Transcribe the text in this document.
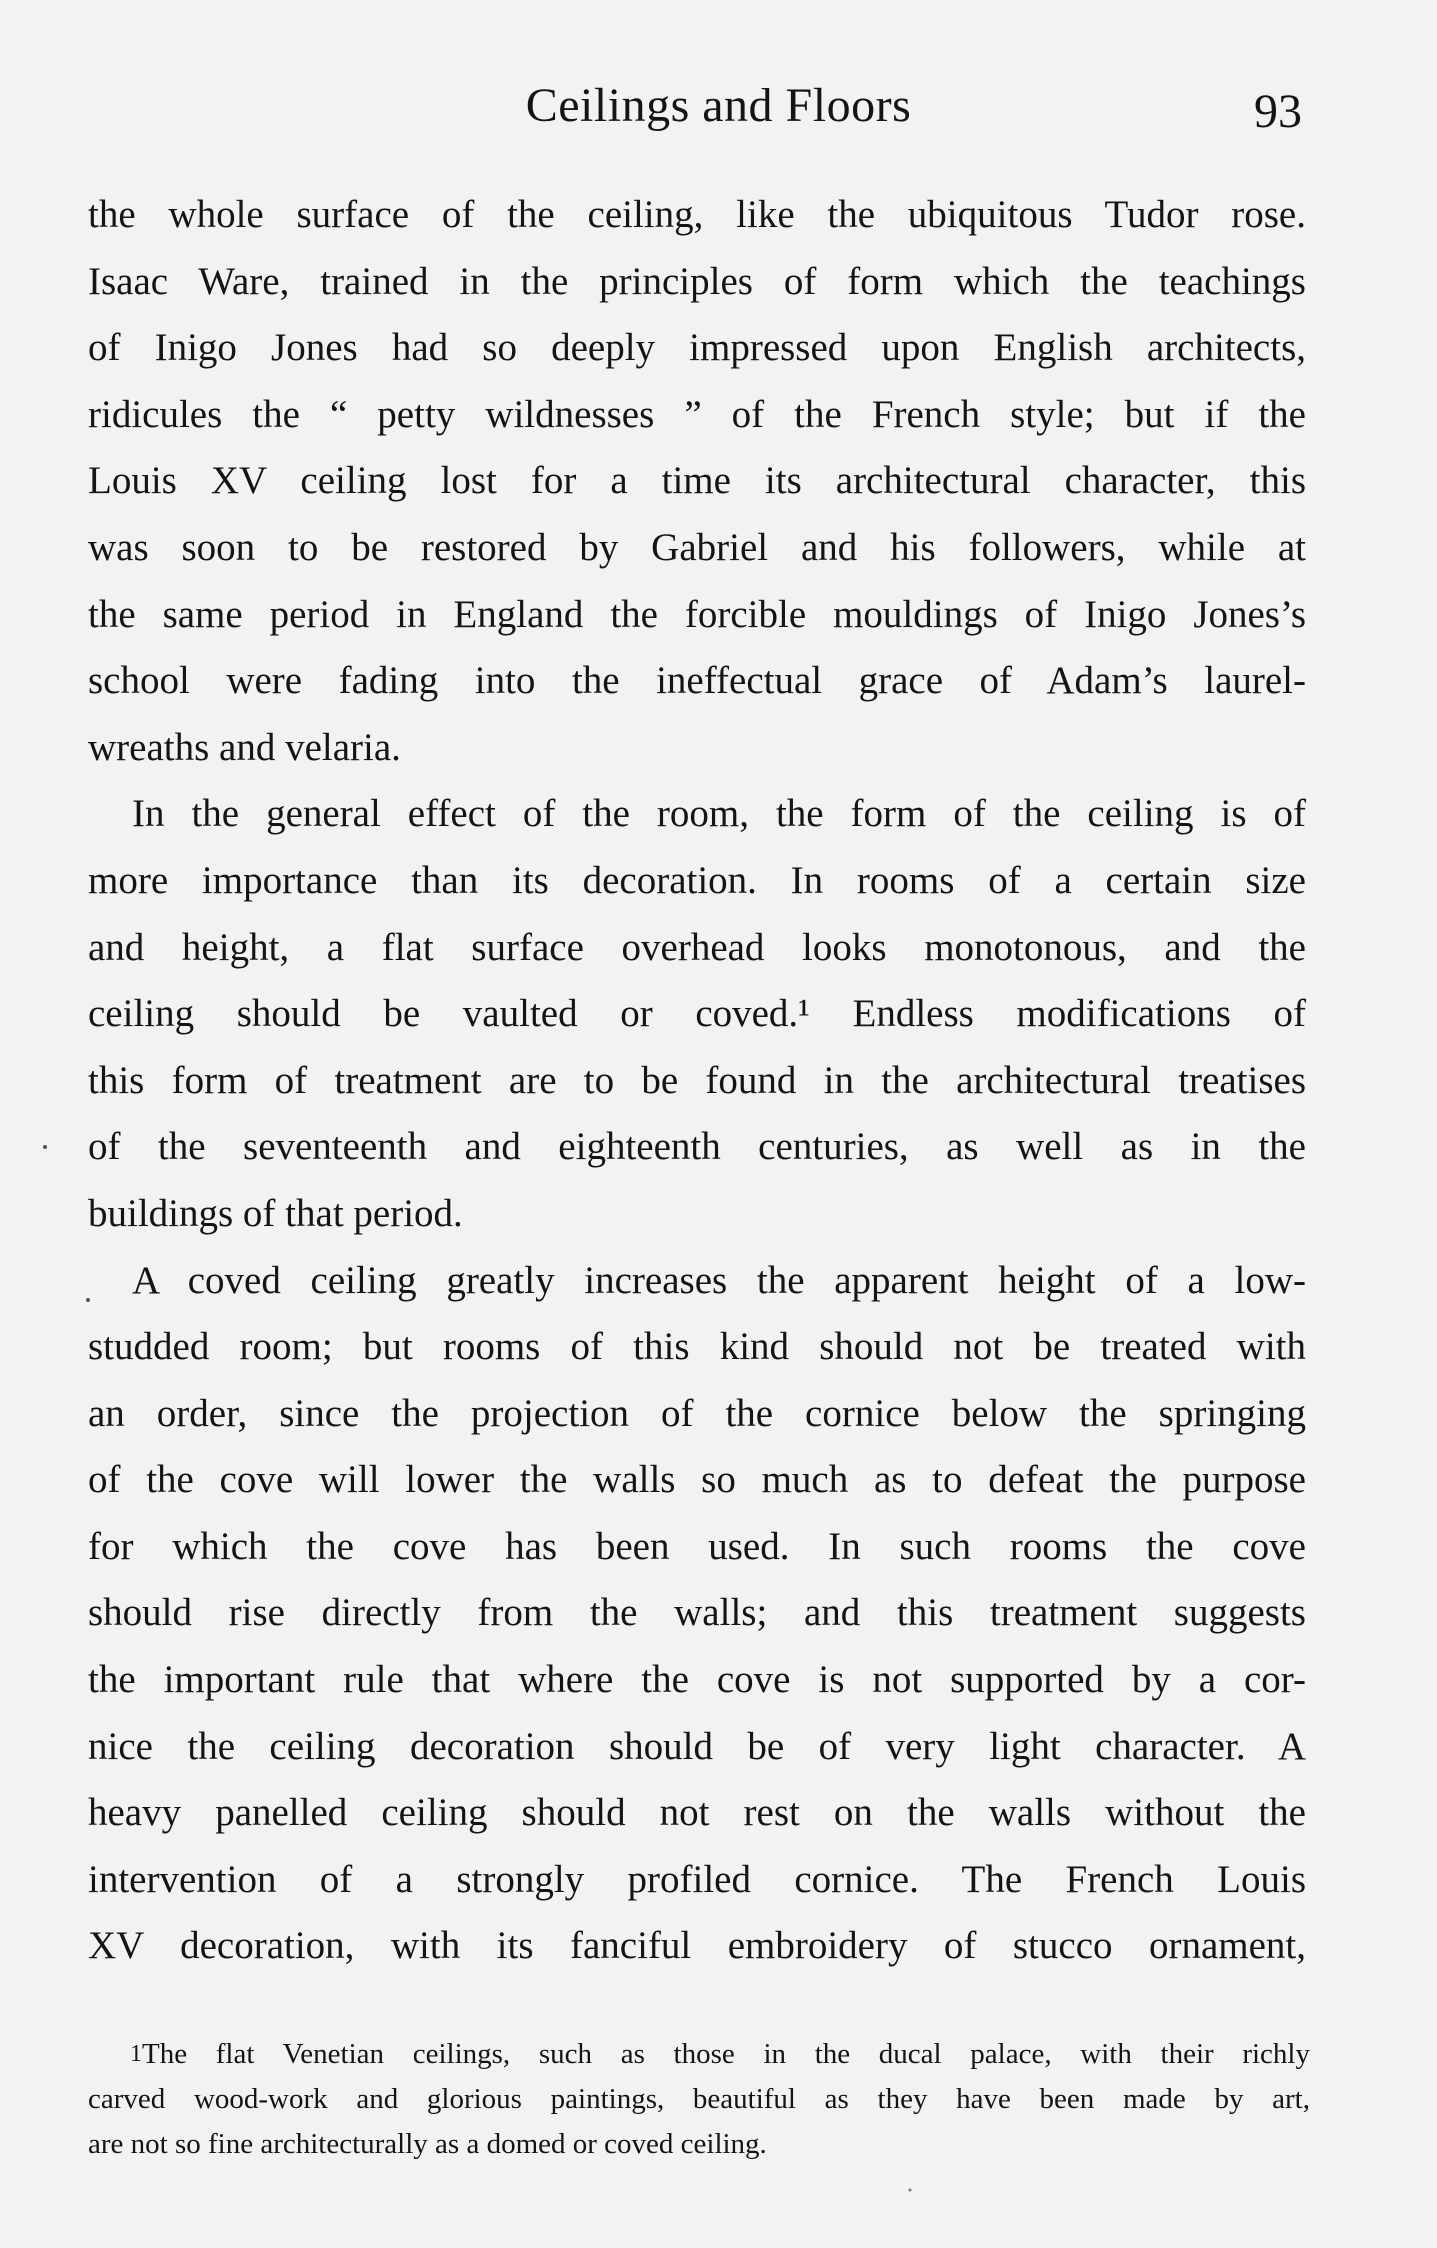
Ceilings and Floors	93
the whole surface of the ceiling, like the ubiquitous Tudor rose.
Isaac Ware, trained in the principles of form which the teachings
of Inigo Jones had so deeply impressed upon English architects,
ridicules the “ petty wildnesses ” of the French style; but if the
Louis XV ceiling lost for a time its architectural character, this
was soon to be restored by Gabriel and his followers, while at
the same period in England the forcible mouldings of Inigo Jones’s
school were fading into the ineffectual grace of Adam’s laurel-
wreaths and velaria.
In the general effect of the room, the form of the ceiling is of
more importance than its decoration. In rooms of a certain size
and height, a flat surface overhead looks monotonous, and the
ceiling should be vaulted or coved.¹ Endless modifications of
this form of treatment are to be found in the architectural treatises
of the seventeenth and eighteenth centuries, as well as in the
buildings of that period.
A coved ceiling greatly increases the apparent height of a low-
studded room; but rooms of this kind should not be treated with
an order, since the projection of the cornice below the springing
of the cove will lower the walls so much as to defeat the purpose
for which the cove has been used. In such rooms the cove
should rise directly from the walls; and this treatment suggests
the important rule that where the cove is not supported by a cor-
nice the ceiling decoration should be of very light character. A
heavy panelled ceiling should not rest on the walls without the
intervention of a strongly profiled cornice. The French Louis
XV decoration, with its fanciful embroidery of stucco ornament,
1The flat Venetian ceilings, such as those in the ducal palace, with their richly
carved wood-work and glorious paintings, beautiful as they have been made by art,
are not so fine architecturally as a domed or coved ceiling.
